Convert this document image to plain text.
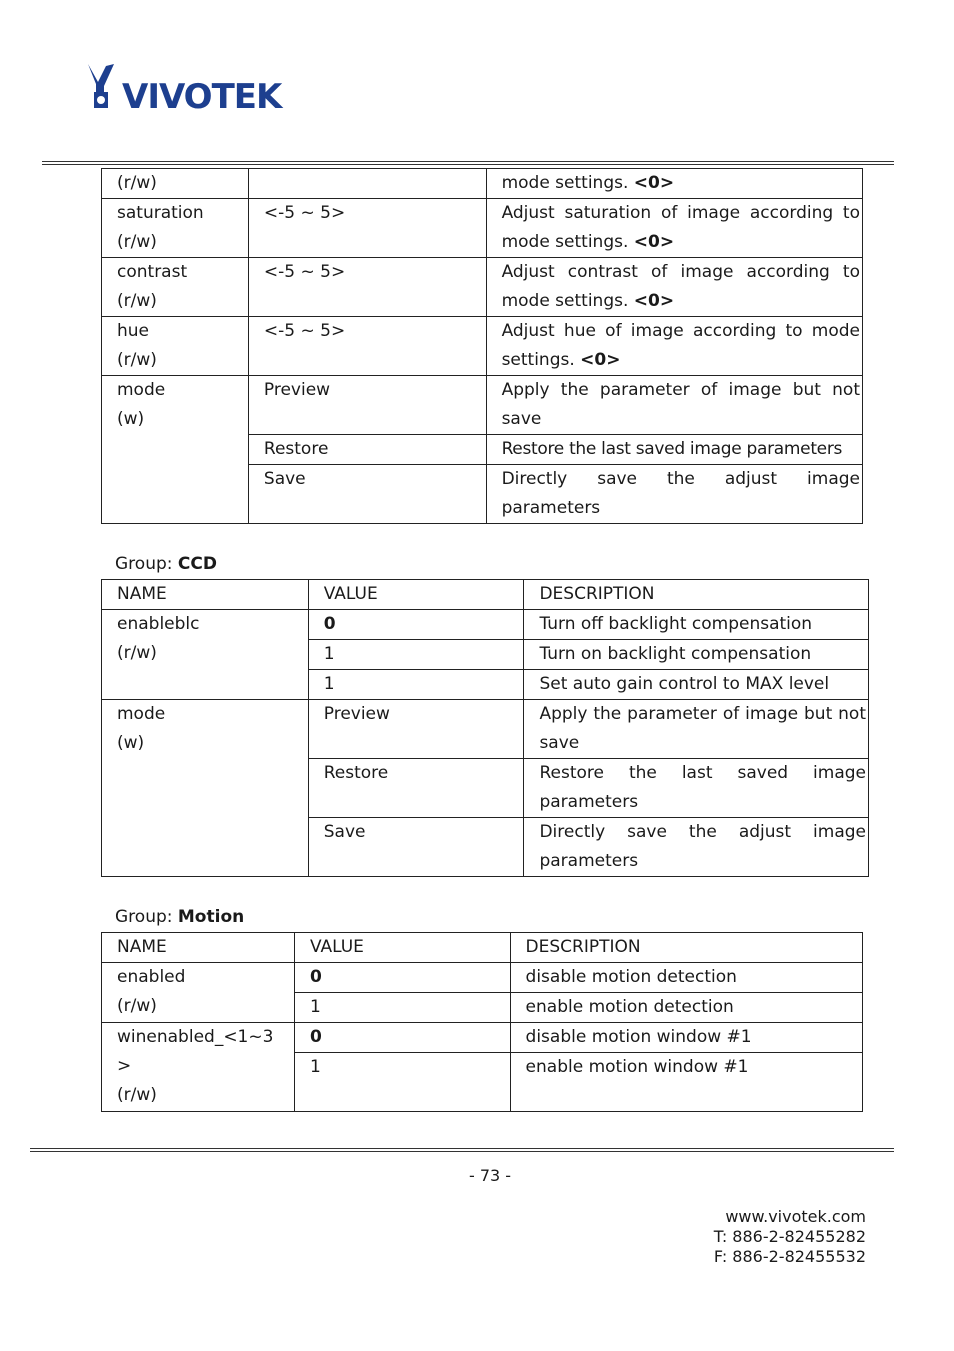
VIVOTEK
(r/w)		mode settings. <0>

saturation
(r/w)	<-5 ~ 5>	Adjust saturation of image according to mode settings. <0>

contrast
(r/w)	<-5 ~ 5>	Adjust contrast of image according to mode settings. <0>

hue
(r/w)	<-5 ~ 5>	Adjust hue of image according to mode settings. <0>

mode
(w)	Preview	Apply the parameter of image but not save
	Restore	Restore the last saved image parameters
	Save	Directly save the adjust image parameters
Group: CCD
NAME	VALUE	DESCRIPTION

enableblc
(r/w)	0	Turn off backlight compensation
	1	Turn on backlight compensation
	1	Set auto gain control to MAX level

mode
(w)	Preview	Apply the parameter of image but not save
	Restore	Restore the last saved image parameters
	Save	Directly save the adjust image parameters
Group: Motion
NAME	VALUE	DESCRIPTION

enabled
(r/w)	0	disable motion detection
	1	enable motion detection

winenabled_<1~3
>
(r/w)	0	disable motion window #1
	1	enable motion window #1
- 73 -
www.vivotek.com
T: 886-2-82455282
F: 886-2-82455532
